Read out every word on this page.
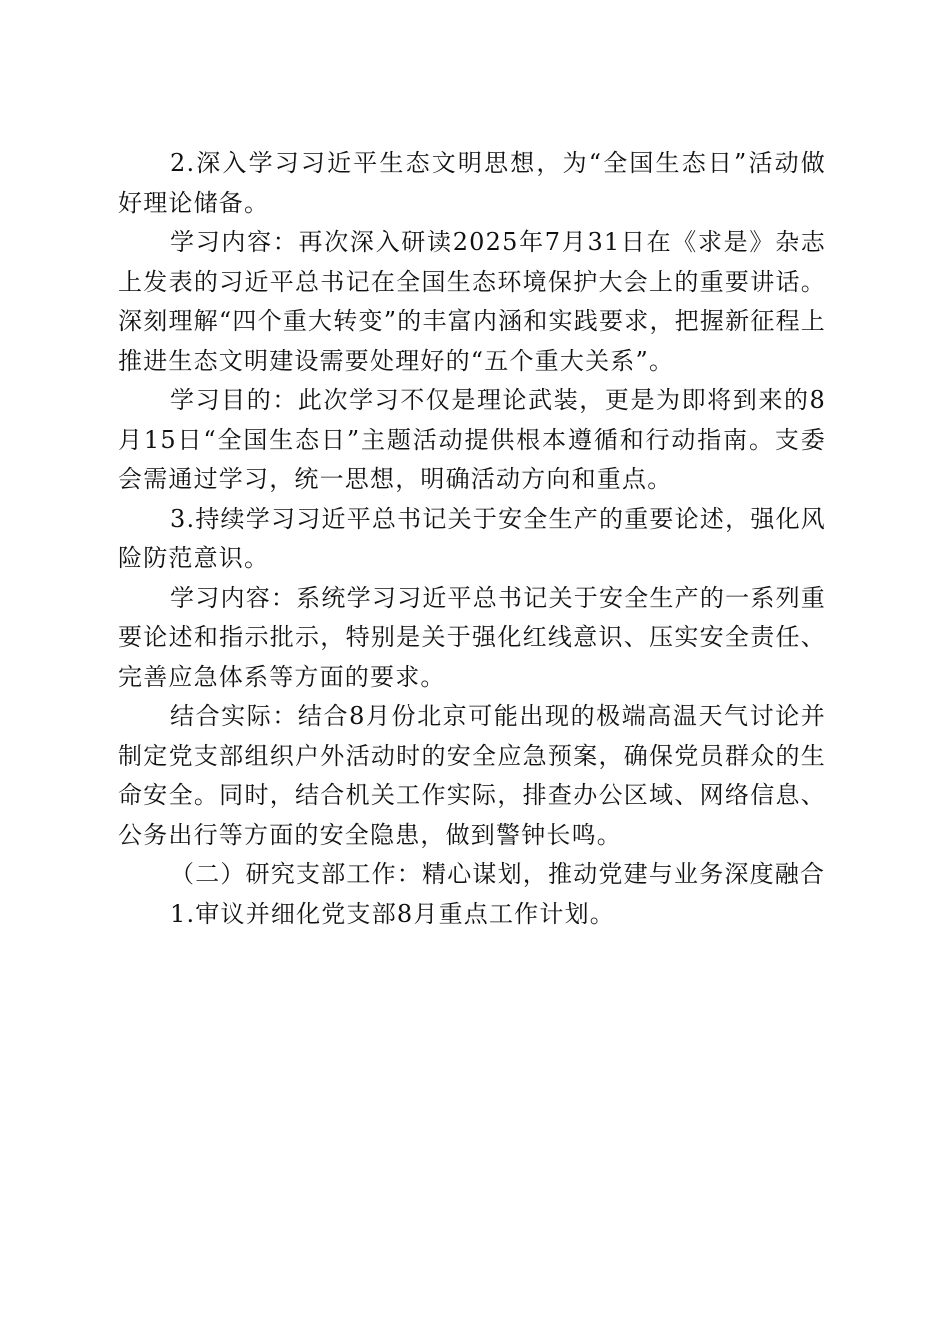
2.深入学习习近平生态文明思想，为“全国生态日”活动做好理论储备。

学习内容：再次深入研读2025年7月31日在《求是》杂志上发表的习近平总书记在全国生态环境保护大会上的重要讲话。深刻理解“四个重大转变”的丰富内涵和实践要求，把握新征程上推进生态文明建设需要处理好的“五个重大关系”。

学习目的：此次学习不仅是理论武装，更是为即将到来的8月15日“全国生态日”主题活动提供根本遵循和行动指南。支委会需通过学习，统一思想，明确活动方向和重点。

3.持续学习习近平总书记关于安全生产的重要论述，强化风险防范意识。

学习内容：系统学习习近平总书记关于安全生产的一系列重要论述和指示批示，特别是关于强化红线意识、压实安全责任、完善应急体系等方面的要求。

结合实际：结合8月份北京可能出现的极端高温天气讨论并制定党支部组织户外活动时的安全应急预案，确保党员群众的生命安全。同时，结合机关工作实际，排查办公区域、网络信息、公务出行等方面的安全隐患，做到警钟长鸣。

（二）研究支部工作：精心谋划，推动党建与业务深度融合

1.审议并细化党支部8月重点工作计划。
